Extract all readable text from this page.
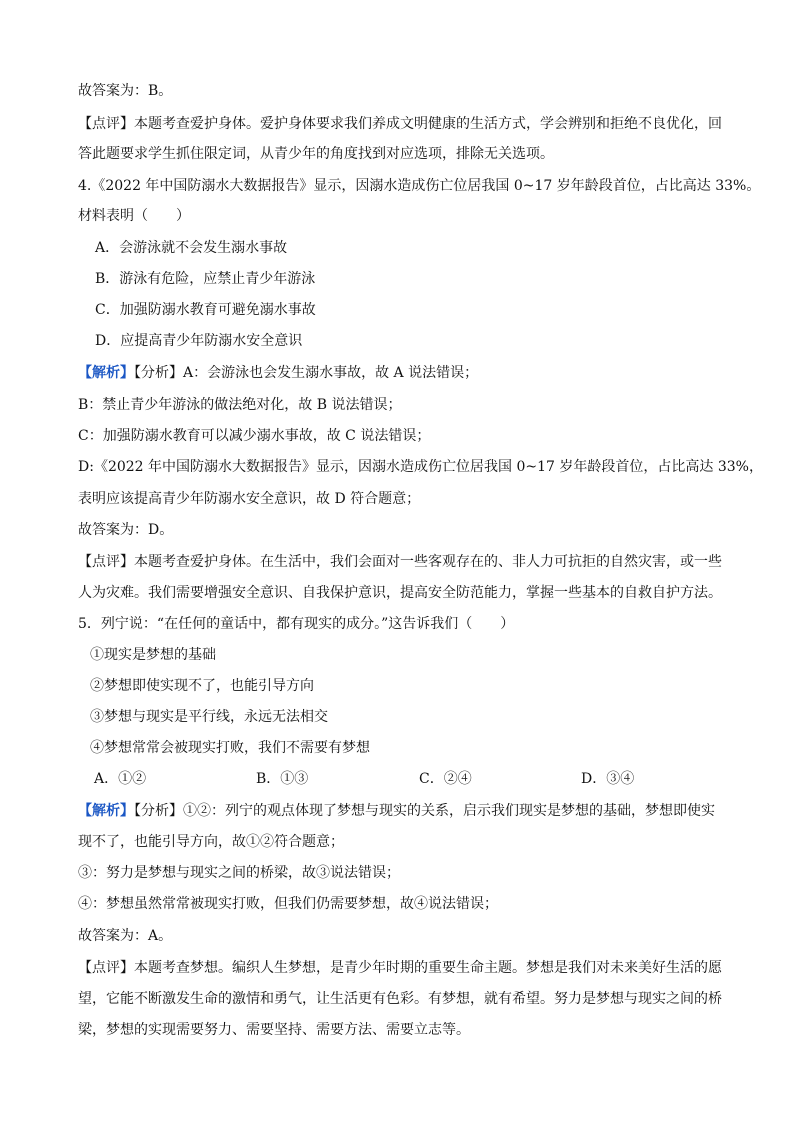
故答案为：B。
【点评】本题考查爱护身体。爱护身体要求我们养成文明健康的生活方式，学会辨别和拒绝不良优化，回
答此题要求学生抓住限定词，从青少年的角度找到对应选项，排除无关选项。
4.《2022 年中国防溺水大数据报告》显示，因溺水造成伤亡位居我国 0~17 岁年龄段首位，占比高达 33%。
材料表明（　　）
A．会游泳就不会发生溺水事故
B．游泳有危险，应禁止青少年游泳
C．加强防溺水教育可避免溺水事故
D．应提高青少年防溺水安全意识
【解析】【分析】A：会游泳也会发生溺水事故，故 A 说法错误；
B：禁止青少年游泳的做法绝对化，故 B 说法错误；
C：加强防溺水教育可以减少溺水事故，故 C 说法错误；
D:《2022 年中国防溺水大数据报告》显示，因溺水造成伤亡位居我国 0~17 岁年龄段首位，占比高达 33%，
表明应该提高青少年防溺水安全意识，故 D 符合题意；
故答案为：D。
【点评】本题考查爱护身体。在生活中，我们会面对一些客观存在的、非人力可抗拒的自然灾害，或一些
人为灾难。我们需要增强安全意识、自我保护意识，提高安全防范能力，掌握一些基本的自救自护方法。
5．列宁说：“在任何的童话中，都有现实的成分。”这告诉我们（　　）
①现实是梦想的基础
②梦想即使实现不了，也能引导方向
③梦想与现实是平行线，永远无法相交
④梦想常常会被现实打败，我们不需要有梦想
A．①②	B．①③	C．②④	D．③④
【解析】【分析】①②：列宁的观点体现了梦想与现实的关系，启示我们现实是梦想的基础，梦想即使实
现不了，也能引导方向，故①②符合题意；
③：努力是梦想与现实之间的桥梁，故③说法错误；
④：梦想虽然常常被现实打败，但我们仍需要梦想，故④说法错误；
故答案为：A。
【点评】本题考查梦想。编织人生梦想，是青少年时期的重要生命主题。梦想是我们对未来美好生活的愿
望，它能不断激发生命的激情和勇气，让生活更有色彩。有梦想，就有希望。努力是梦想与现实之间的桥
梁，梦想的实现需要努力、需要坚持、需要方法、需要立志等。
